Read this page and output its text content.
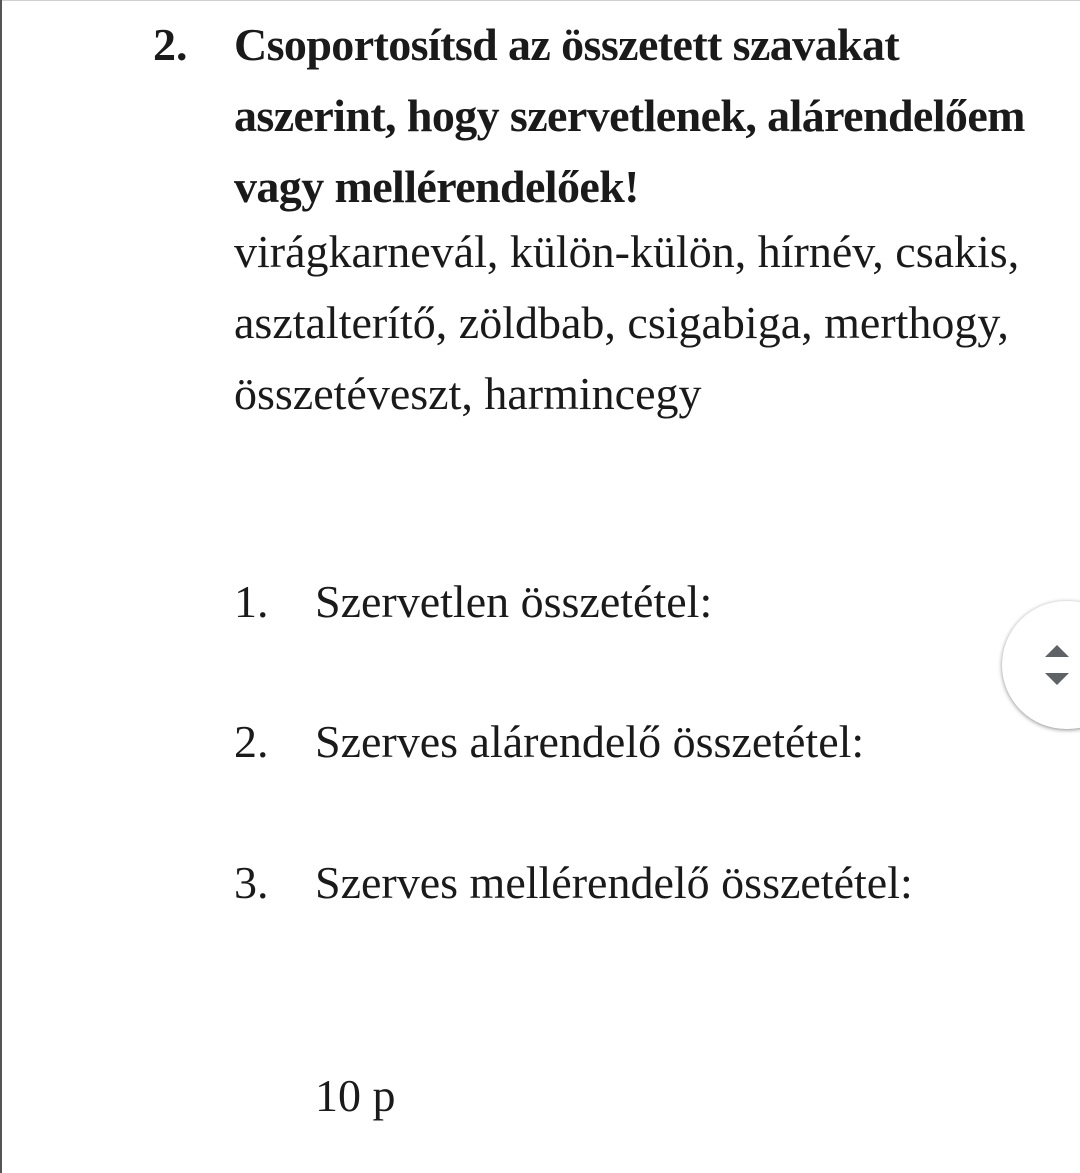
2. Csoportosítsd az összetett szavakat aszerint, hogy szervetlenek, alárendelőem vagy mellérendelőek!
virágkarnevál, külön-külön, hírnév, csakis, asztalterítő, zöldbab, csigabiga, merthogy, összetéveszt, harmincegy
1.	Szervetlen összetétel:
2.	Szerves alárendelő összetétel:
3.	Szerves mellérendelő összetétel:
10 p
